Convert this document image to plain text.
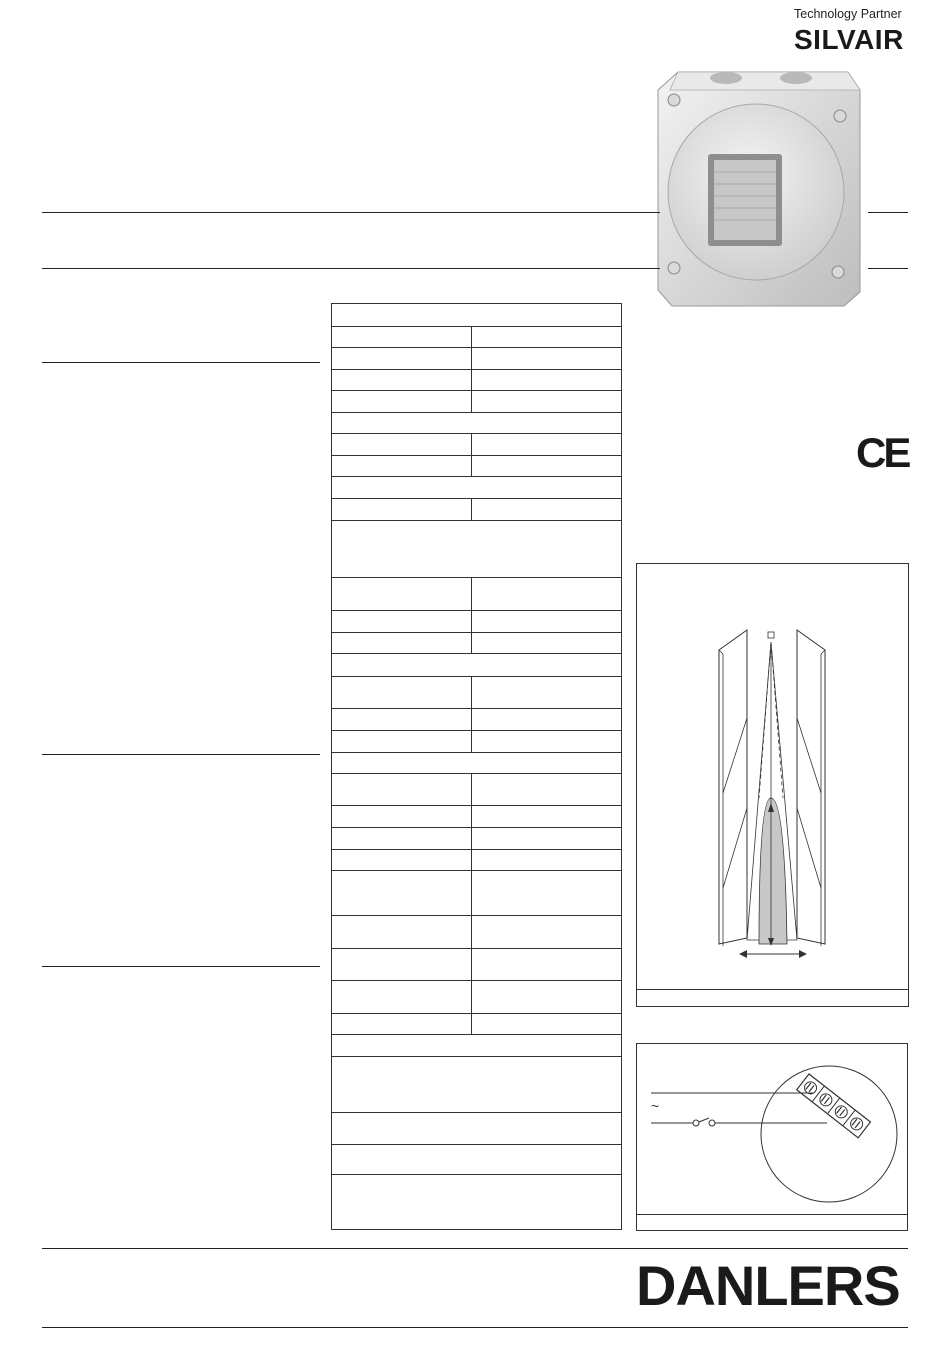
Technology Partner
SILVAIR
CE
~
DANLERS
